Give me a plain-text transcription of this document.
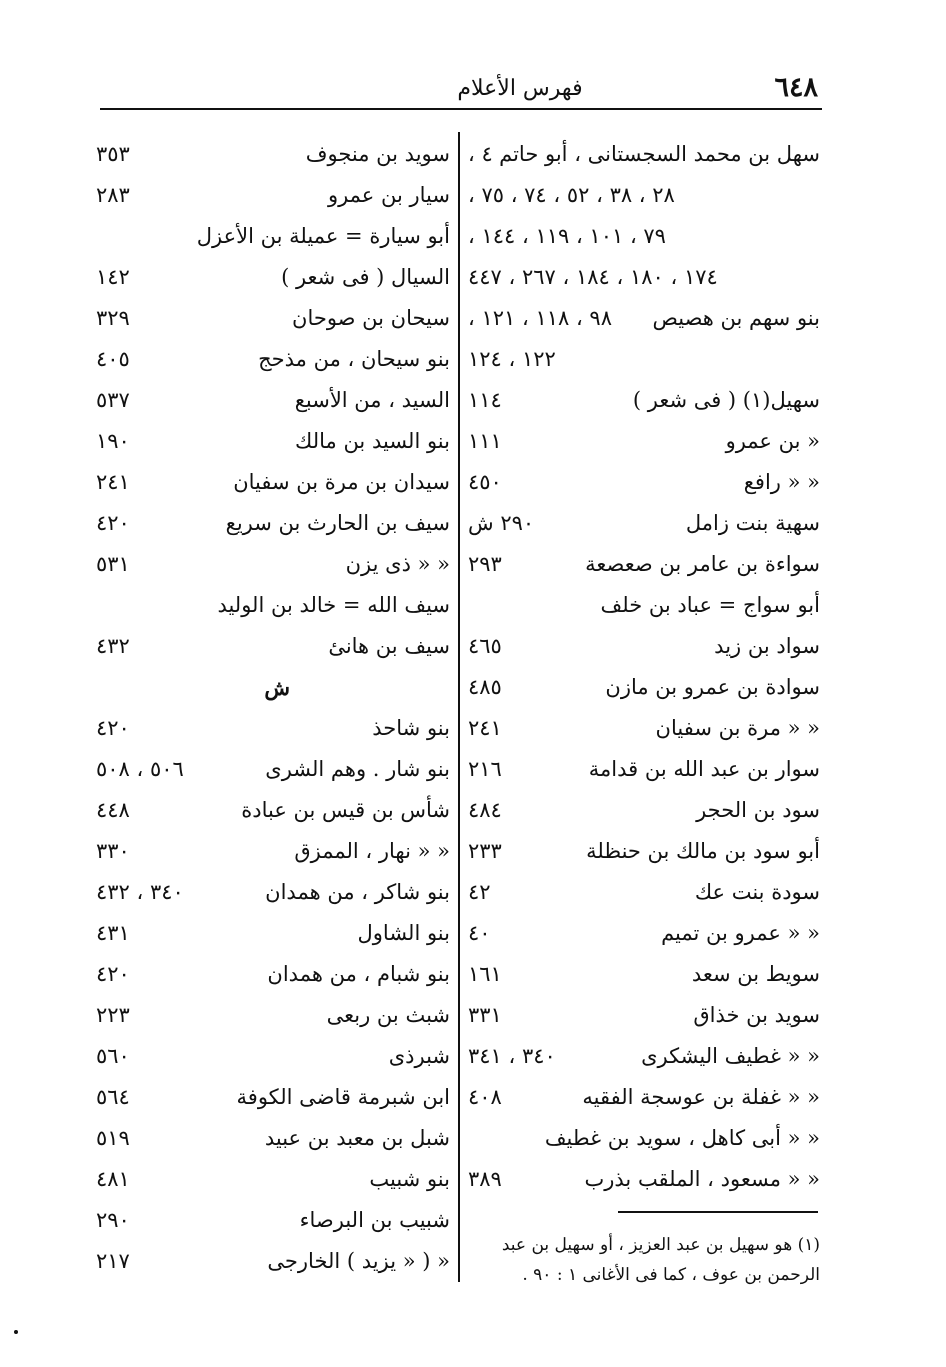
٦٤٨
فهرس الأعلام
سهل بن محمد السجستانى ، أبو حاتم
٤ ،
٢٨ ، ٣٨ ، ٥٢ ، ٧٤ ، ٧٥ ،
٧٩ ، ١٠١ ، ١١٩ ، ١٤٤ ،
١٧٤ ، ١٨٠ ، ١٨٤ ، ٢٦٧ ، ٤٤٧
بنو سهم بن هصيص
٩٨ ، ١١٨ ، ١٢١ ،
١٢٢ ، ١٢٤
سهيل(١) ( فى شعر )
١١٤
« بن عمرو
١١١
« « رافع
٤٥٠
سهية بنت زامل
٢٩٠ ش
سواءة بن عامر بن صعصعة
٢٩٣
أبو سواج = عباد بن خلف
سواد بن زيد
٤٦٥
سوادة بن عمرو بن مازن
٤٨٥
« « مرة بن سفيان
٢٤١
سوار بن عبد الله بن قدامة
٢١٦
سود بن الحجر
٤٨٤
أبو سود بن مالك بن حنظلة
٢٣٣
سودة بنت عك
٤٢
« « عمرو بن تميم
٤٠
سويط بن سعد
١٦١
سويد بن خذاق
٣٣١
« « غطيف اليشكرى
٣٤٠ ، ٣٤١
« « غفلة بن عوسجة الفقيه
٤٠٨
« « أبى كاهل ، سويد بن غطيف
« « مسعود ، الملقب بذرب
٣٨٩
سويد بن منجوف
٣٥٣
سيار بن عمرو
٢٨٣
أبو سيارة = عميلة بن الأعزل
السيال ( فى شعر )
١٤٢
سيحان بن صوحان
٣٢٩
بنو سيحان ، من مذحج
٤٠٥
السيد ، من الأسبع
٥٣٧
بنو السيد بن مالك
١٩٠
سيدان بن مرة بن سفيان
٢٤١
سيف بن الحارث بن سريع
٤٢٠
« « ذى يزن
٥٣١
سيف الله = خالد بن الوليد
سيف بن هانئ
٤٣٢
ش
بنو شاحذ
٤٢٠
بنو شار . وهم الشرى
٥٠٦ ، ٥٠٨
شأس بن قيس بن عبادة
٤٤٨
« « نهار ، الممزق
٣٣٠
بنو شاكر ، من همدان
٣٤٠ ، ٤٣٢
بنو الشاول
٤٣١
بنو شبام ، من همدان
٤٢٠
شبث بن ربعى
٢٢٣
شبرذى
٥٦٠
ابن شبرمة قاضى الكوفة
٥٦٤
شبل بن معبد بن عبيد
٥١٩
بنو شبيب
٤٨١
شبيب بن البرصاء
٢٩٠
« ( « يزيد ) الخارجى
٢١٧
(١) هو سهيل بن عبد العزيز ، أو سهيل بن عبد الرحمن بن عوف ، كما فى الأغانى ١ : ٩٠ .
